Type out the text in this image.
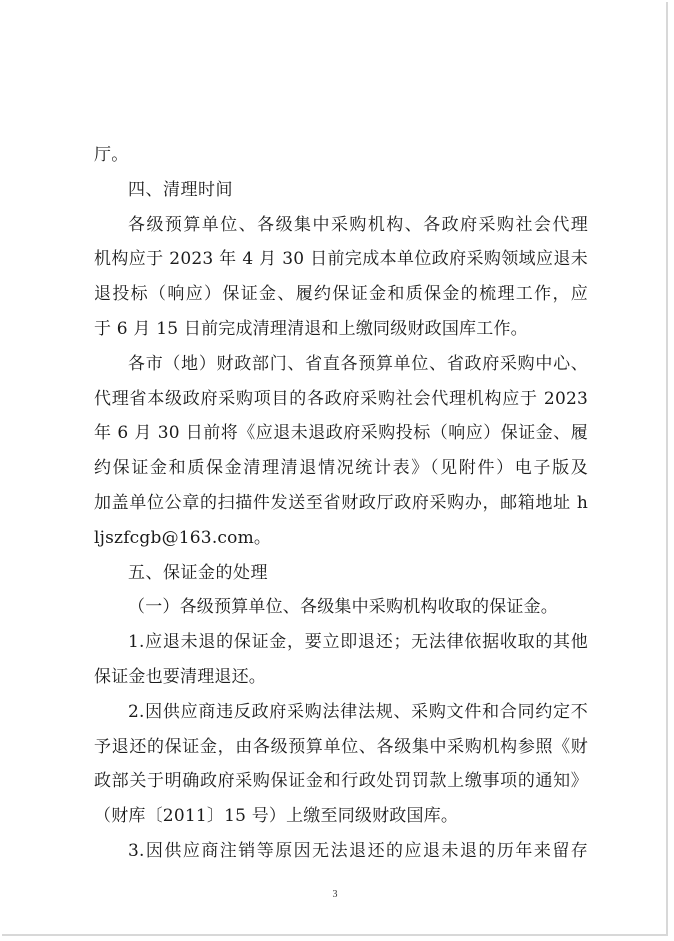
厅。

四、清理时间

各级预算单位、各级集中采购机构、各政府采购社会代理

机构应于 2023 年 4 月 30 日前完成本单位政府采购领域应退未

退投标（响应）保证金、履约保证金和质保金的梳理工作，应

于 6 月 15 日前完成清理清退和上缴同级财政国库工作。

各市（地）财政部门、省直各预算单位、省政府采购中心、

代理省本级政府采购项目的各政府采购社会代理机构应于 2023

年 6 月 30 日前将《应退未退政府采购投标（响应）保证金、履

约保证金和质保金清理清退情况统计表》（见附件）电子版及

加盖单位公章的扫描件发送至省财政厅政府采购办，邮箱地址 h

ljszfcgb@163.com。

五、保证金的处理

（一）各级预算单位、各级集中采购机构收取的保证金。

1.应退未退的保证金，要立即退还；无法律依据收取的其他

保证金也要清理退还。

2.因供应商违反政府采购法律法规、采购文件和合同约定不

予退还的保证金，由各级预算单位、各级集中采购机构参照《财

政部关于明确政府采购保证金和行政处罚罚款上缴事项的通知》

（财库〔2011〕15 号）上缴至同级财政国库。

3.因供应商注销等原因无法退还的应退未退的历年来留存

3
